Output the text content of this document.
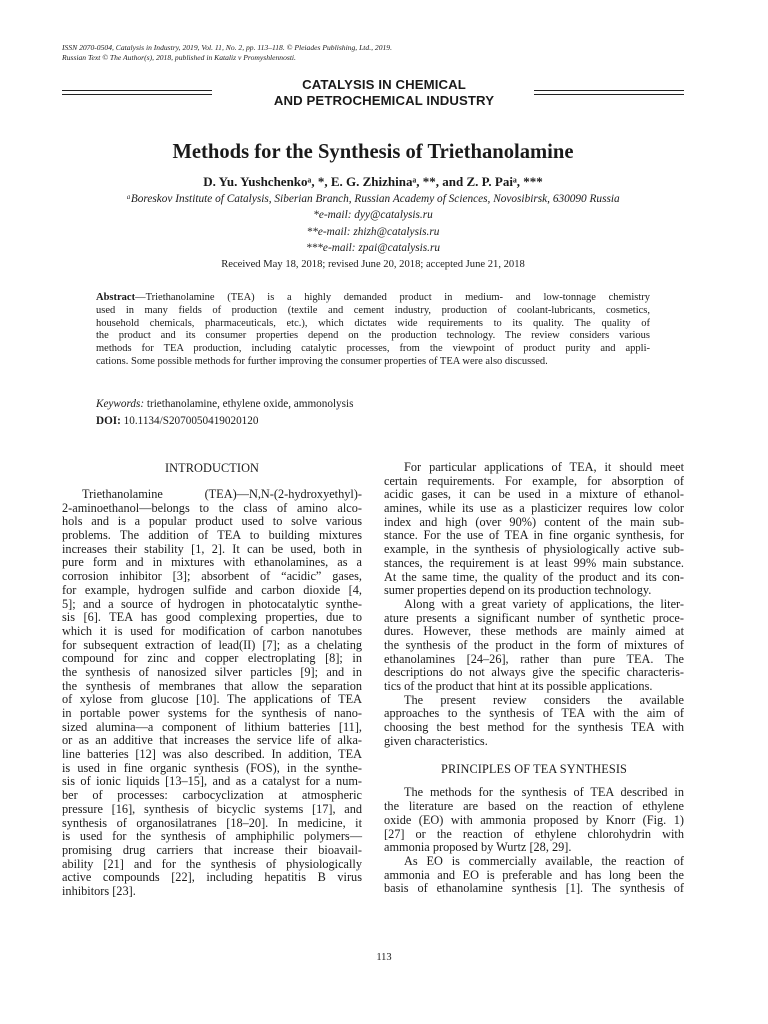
ISSN 2070-0504, Catalysis in Industry, 2019, Vol. 11, No. 2, pp. 113–118. © Pleiades Publishing, Ltd., 2019.
Russian Text © The Author(s), 2018, published in Kataliz v Promyshlennosti.
CATALYSIS IN CHEMICAL
AND PETROCHEMICAL INDUSTRY
Methods for the Synthesis of Triethanolamine
D. Yu. Yushchenkoᵃ, *, E. G. Zhizhinaᵃ, **, and Z. P. Paiᵃ, ***
ᵃBoreskov Institute of Catalysis, Siberian Branch, Russian Academy of Sciences, Novosibirsk, 630090 Russia
*e-mail: dyy@catalysis.ru
**e-mail: zhizh@catalysis.ru
***e-mail: zpai@catalysis.ru
Received May 18, 2018; revised June 20, 2018; accepted June 21, 2018
Abstract—Triethanolamine (TEA) is a highly demanded product in medium- and low-tonnage chemistry
used in many fields of production (textile and cement industry, production of coolant-lubricants, cosmetics,
household chemicals, pharmaceuticals, etc.), which dictates wide requirements to its quality. The quality of
the product and its consumer properties depend on the production technology. The review considers various
methods for TEA production, including catalytic processes, from the viewpoint of product purity and appli-
cations. Some possible methods for further improving the consumer properties of TEA were also discussed.
Keywords: triethanolamine, ethylene oxide, ammonolysis
DOI: 10.1134/S2070050419020120
INTRODUCTION
Triethanolamine (TEA)—N,N-(2-hydroxyethyl)-
2-aminoethanol—belongs to the class of amino alco-
hols and is a popular product used to solve various
problems. The addition of TEA to building mixtures
increases their stability [1, 2]. It can be used, both in
pure form and in mixtures with ethanolamines, as a
corrosion inhibitor [3]; absorbent of “acidic” gases,
for example, hydrogen sulfide and carbon dioxide [4,
5]; and a source of hydrogen in photocatalytic synthe-
sis [6]. TEA has good complexing properties, due to
which it is used for modification of carbon nanotubes
for subsequent extraction of lead(II) [7]; as a chelating
compound for zinc and copper electroplating [8]; in
the synthesis of nanosized silver particles [9]; and in
the synthesis of membranes that allow the separation
of xylose from glucose [10]. The applications of TEA
in portable power systems for the synthesis of nano-
sized alumina—a component of lithium batteries [11],
or as an additive that increases the service life of alka-
line batteries [12] was also described. In addition, TEA
is used in fine organic synthesis (FOS), in the synthe-
sis of ionic liquids [13–15], and as a catalyst for a num-
ber of processes: carbocyclization at atmospheric
pressure [16], synthesis of bicyclic systems [17], and
synthesis of organosilatranes [18–20]. In medicine, it
is used for the synthesis of amphiphilic polymers—
promising drug carriers that increase their bioavail-
ability [21] and for the synthesis of physiologically
active compounds [22], including hepatitis B virus
inhibitors [23].
For particular applications of TEA, it should meet
certain requirements. For example, for absorption of
acidic gases, it can be used in a mixture of ethanol-
amines, while its use as a plasticizer requires low color
index and high (over 90%) content of the main sub-
stance. For the use of TEA in fine organic synthesis, for
example, in the synthesis of physiologically active sub-
stances, the requirement is at least 99% main substance.
At the same time, the quality of the product and its con-
sumer properties depend on its production technology.
Along with a great variety of applications, the liter-
ature presents a significant number of synthetic proce-
dures. However, these methods are mainly aimed at
the synthesis of the product in the form of mixtures of
ethanolamines [24–26], rather than pure TEA. The
descriptions do not always give the specific characteris-
tics of the product that hint at its possible applications.
The present review considers the available
approaches to the synthesis of TEA with the aim of
choosing the best method for the synthesis TEA with
given characteristics.
PRINCIPLES OF TEA SYNTHESIS
The methods for the synthesis of TEA described in
the literature are based on the reaction of ethylene
oxide (EO) with ammonia proposed by Knorr (Fig. 1)
[27] or the reaction of ethylene chlorohydrin with
ammonia proposed by Wurtz [28, 29].
As EO is commercially available, the reaction of
ammonia and EO is preferable and has long been the
basis of ethanolamine synthesis [1]. The synthesis of
113
